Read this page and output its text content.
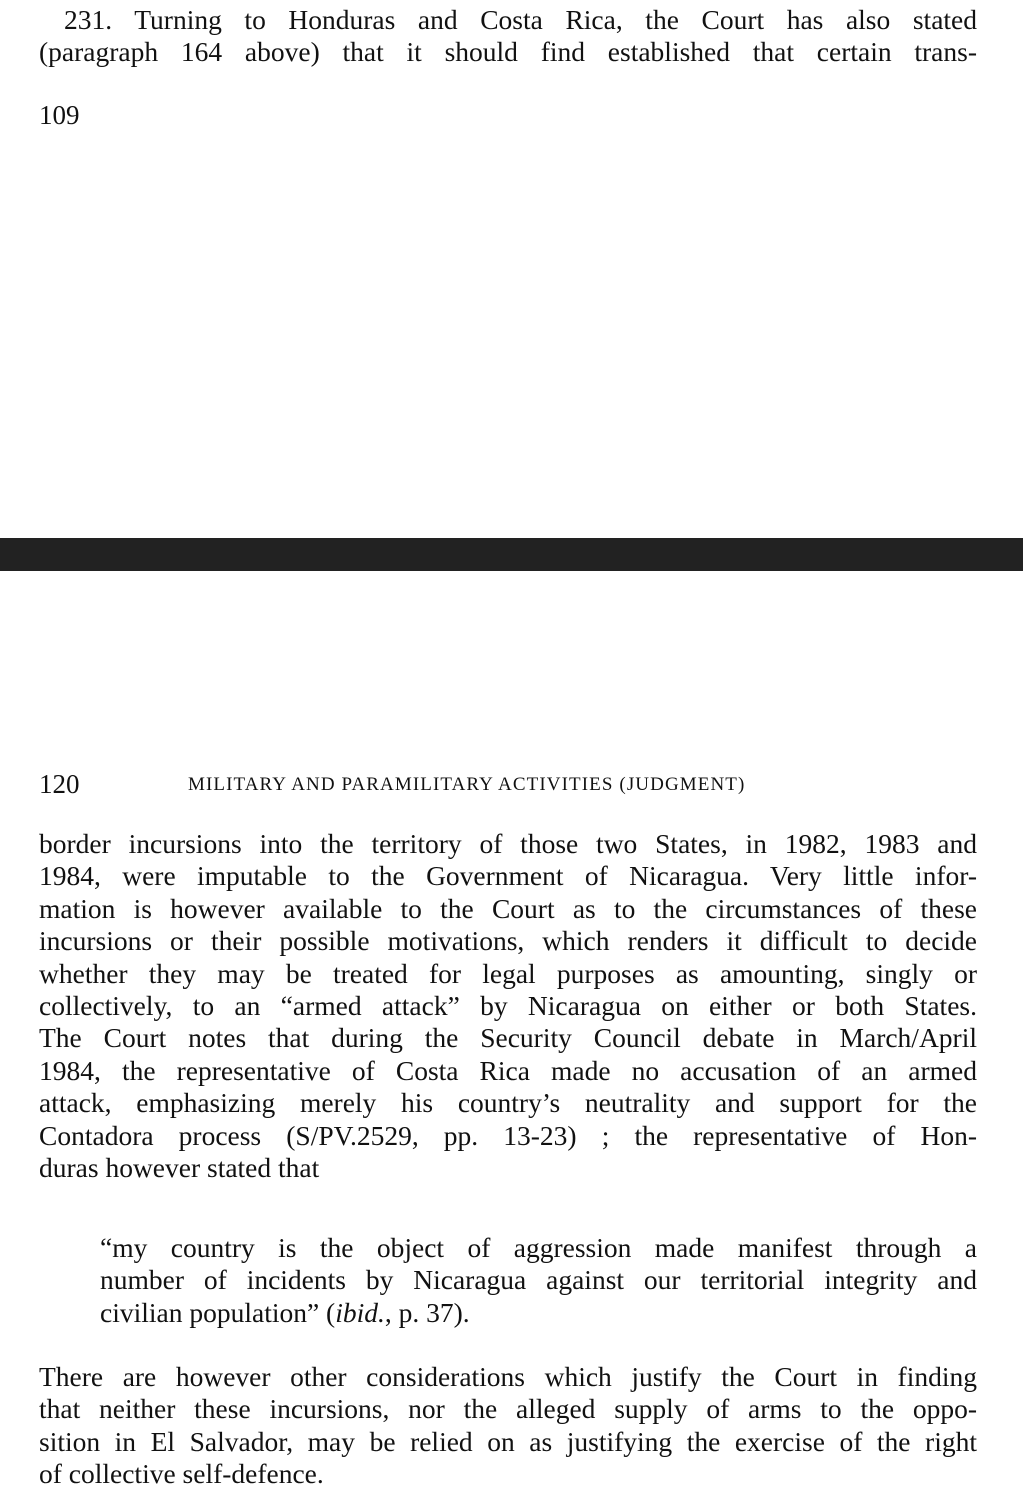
231. Turning to Honduras and Costa Rica, the Court has also stated
(paragraph 164 above) that it should find established that certain trans-

109
120	MILITARY AND PARAMILITARY ACTIVITIES (JUDGMENT)

border incursions into the territory of those two States, in 1982, 1983 and
1984, were imputable to the Government of Nicaragua. Very little infor-
mation is however available to the Court as to the circumstances of these
incursions or their possible motivations, which renders it difficult to decide
whether they may be treated for legal purposes as amounting, singly or
collectively, to an “armed attack” by Nicaragua on either or both States.
The Court notes that during the Security Council debate in March/April
1984, the representative of Costa Rica made no accusation of an armed
attack, emphasizing merely his country’s neutrality and support for the
Contadora process (S/PV.2529, pp. 13-23) ; the representative of Hon-
duras however stated that

“my country is the object of aggression made manifest through a
number of incidents by Nicaragua against our territorial integrity and
civilian population” (ibid., p. 37).

There are however other considerations which justify the Court in finding
that neither these incursions, nor the alleged supply of arms to the oppo-
sition in El Salvador, may be relied on as justifying the exercise of the right
of collective self-defence.
